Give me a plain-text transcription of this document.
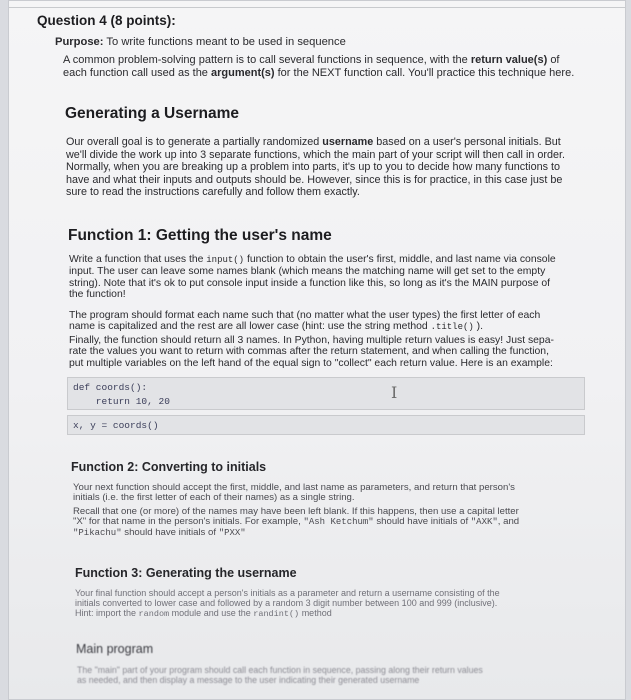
Question 4 (8 points):
Purpose: To write functions meant to be used in sequence
A common problem-solving pattern is to call several functions in sequence, with the return value(s) of
each function call used as the argument(s) for the NEXT function call. You'll practice this technique here.
Generating a Username
Our overall goal is to generate a partially randomized username based on a user's personal initials. But
we'll divide the work up into 3 separate functions, which the main part of your script will then call in order.
Normally, when you are breaking up a problem into parts, it's up to you to decide how many functions to
have and what their inputs and outputs should be. However, since this is for practice, in this case just be
sure to read the instructions carefully and follow them exactly.
Function 1: Getting the user's name
Write a function that uses the input() function to obtain the user's first, middle, and last name via console
input. The user can leave some names blank (which means the matching name will get set to the empty
string). Note that it's ok to put console input inside a function like this, so long as it's the MAIN purpose of
the function!
The program should format each name such that (no matter what the user types) the first letter of each
name is capitalized and the rest are all lower case (hint: use the string method .title() ).
Finally, the function should return all 3 names. In Python, having multiple return values is easy! Just sepa-
rate the values you want to return with commas after the return statement, and when calling the function,
put multiple variables on the left hand of the equal sign to "collect" each return value. Here is an example:
def coords():
return 10, 20	I
x, y = coords()
Function 2: Converting to initials
Your next function should accept the first, middle, and last name as parameters, and return that person's
initials (i.e. the first letter of each of their names) as a single string.
Recall that one (or more) of the names may have been left blank. If this happens, then use a capital letter
"X" for that name in the person's initials. For example, "Ash Ketchum" should have initials of "AXK", and
"Pikachu" should have initials of "PXX"
Function 3: Generating the username
Your final function should accept a person's initials as a parameter and return a username consisting of the
initials converted to lower case and followed by a random 3 digit number between 100 and 999 (inclusive).
Hint: import the random module and use the randint() method
Main program
The "main" part of your program should call each function in sequence, passing along their return values
as needed, and then display a message to the user indicating their generated username
